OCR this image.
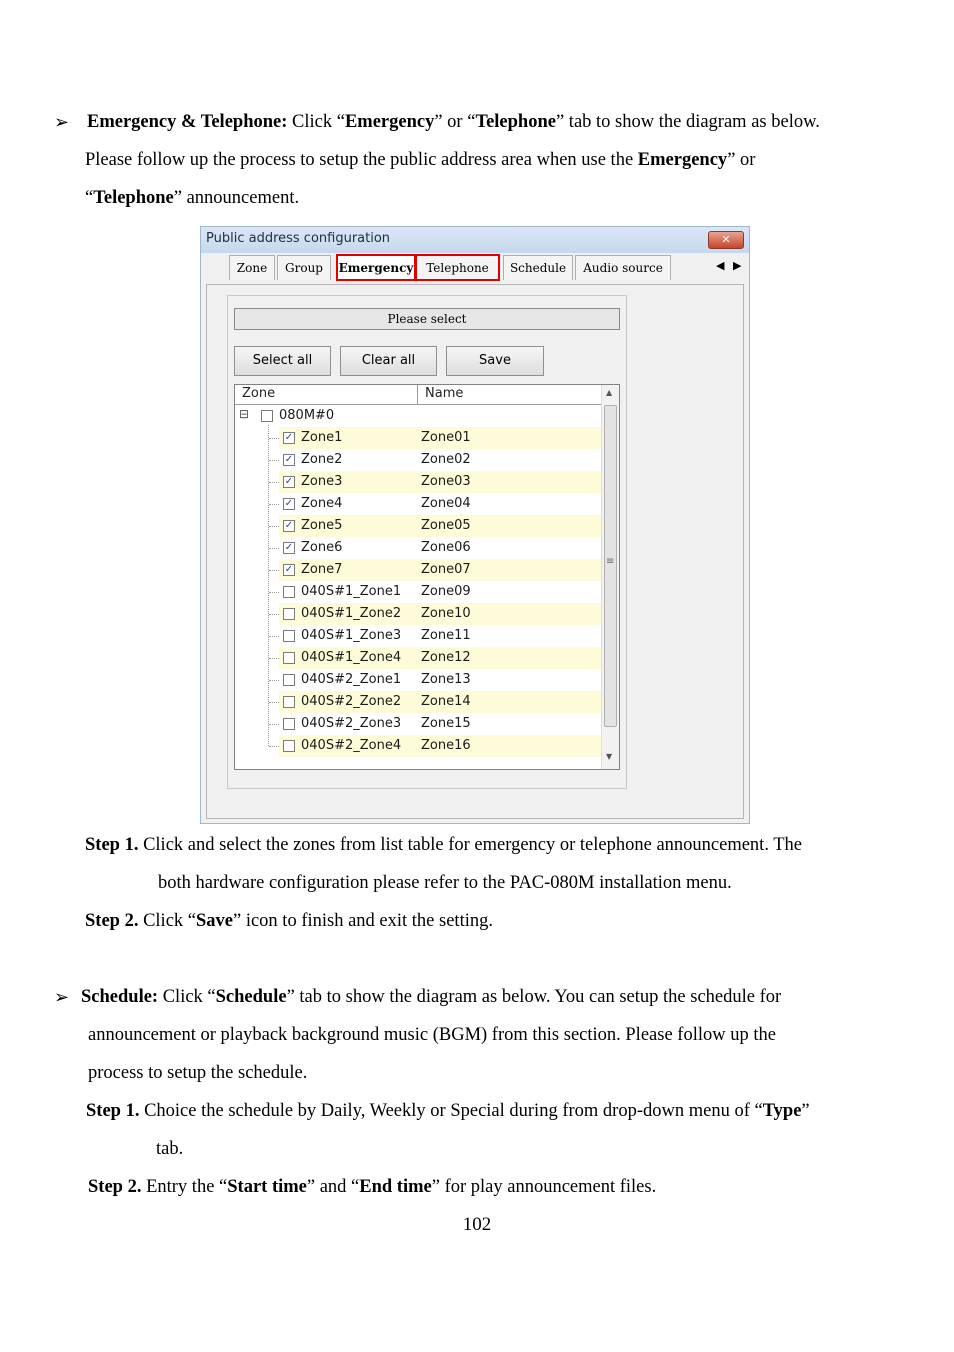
➢ Emergency & Telephone: Click “Emergency” or “Telephone” tab to show the diagram as below.
Please follow up the process to setup the public address area when use the Emergency” or
“Telephone” announcement.
Public address configuration	✕
Zone	Group	Emergency	Telephone	Schedule	Audio source	◀ ▶
Please select
Select all	Clear all	Save
Zone	Name
⊟ 080M#0
✓ Zone1	Zone01
✓ Zone2	Zone02
✓ Zone3	Zone03
✓ Zone4	Zone04
✓ Zone5	Zone05
✓ Zone6	Zone06
✓ Zone7	Zone07
040S#1_Zone1 Zone09
040S#1_Zone2 Zone10
040S#1_Zone3 Zone11
040S#1_Zone4 Zone12
040S#2_Zone1 Zone13
040S#2_Zone2 Zone14
040S#2_Zone3 Zone15
040S#2_Zone4 Zone16
▲
≡
▼
Step 1. Click and select the zones from list table for emergency or telephone announcement. The
both hardware configuration please refer to the PAC-080M installation menu.
Step 2. Click “Save” icon to finish and exit the setting.
➢ Schedule: Click “Schedule” tab to show the diagram as below. You can setup the schedule for
announcement or playback background music (BGM) from this section. Please follow up the
process to setup the schedule.
Step 1. Choice the schedule by Daily, Weekly or Special during from drop-down menu of “Type”
tab.
Step 2. Entry the “Start time” and “End time” for play announcement files.
102
